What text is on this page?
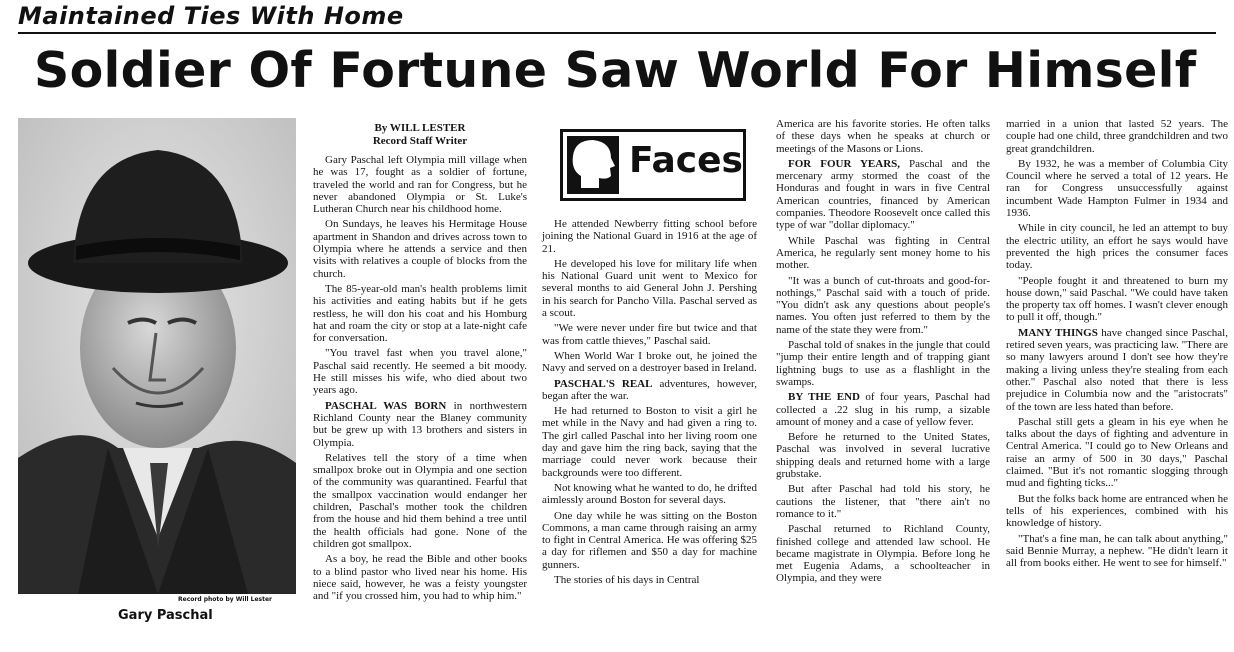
Maintained Ties With Home
Soldier Of Fortune Saw World For Himself
Record photo by Will Lester
Gary Paschal
Faces
By WILL LESTER
Record Staff Writer

Gary Paschal left Olympia mill village when he was 17, fought as a soldier of fortune, traveled the world and ran for Congress, but he never abandoned Olympia or St. Luke's Lutheran Church near his childhood home.

On Sundays, he leaves his Hermitage House apartment in Shandon and drives across town to Olympia where he attends a service and then visits with relatives a couple of blocks from the church.

The 85-year-old man's health problems limit his activities and eating habits but if he gets restless, he will don his coat and his Homburg hat and roam the city or stop at a late-night cafe for conversation.

"You travel fast when you travel alone," Paschal said recently. He seemed a bit moody. He still misses his wife, who died about two years ago.

PASCHAL WAS BORN in northwestern Richland County near the Blaney community but be grew up with 13 brothers and sisters in Olympia.

Relatives tell the story of a time when smallpox broke out in Olympia and one section of the community was quarantined. Fearful that the smallpox vaccination would endanger her children, Paschal's mother took the children from the house and hid them behind a tree until the health officials had gone. None of the children got smallpox.

As a boy, he read the Bible and other books to a blind pastor who lived near his home. His niece said, however, he was a feisty youngster and "if you crossed him, you had to whip him."

He attended Newberry fitting school before joining the National Guard in 1916 at the age of 21.

He developed his love for military life when his National Guard unit went to Mexico for several months to aid General John J. Pershing in his search for Pancho Villa. Paschal served as a scout.

"We were never under fire but twice and that was from cattle thieves," Paschal said.

When World War I broke out, he joined the Navy and served on a destroyer based in Ireland.

PASCHAL'S REAL adventures, however, began after the war.

He had returned to Boston to visit a girl he met while in the Navy and had given a ring to. The girl called Paschal into her living room one day and gave him the ring back, saying that the marriage could never work because their backgrounds were too different.

Not knowing what he wanted to do, he drifted aimlessly around Boston for several days.

One day while he was sitting on the Boston Commons, a man came through raising an army to fight in Central America. He was offering $25 a day for riflemen and $50 a day for machine gunners.

The stories of his days in Central

America are his favorite stories. He often talks of these days when he speaks at church or meetings of the Masons or Lions.

FOR FOUR YEARS, Paschal and the mercenary army stormed the coast of the Honduras and fought in wars in five Central American countries, financed by American companies. Theodore Roosevelt once called this type of war "dollar diplomacy."

While Paschal was fighting in Central America, he regularly sent money home to his mother.

"It was a bunch of cut-throats and good-for-nothings," Paschal said with a touch of pride. "You didn't ask any questions about people's names. You often just referred to them by the name of the state they were from."

Paschal told of snakes in the jungle that could "jump their entire length and of trapping giant lightning bugs to use as a flashlight in the swamps.

BY THE END of four years, Paschal had collected a .22 slug in his rump, a sizable amount of money and a case of yellow fever.

Before he returned to the United States, Paschal was involved in several lucrative shipping deals and returned home with a large grubstake.

But after Paschal had told his story, he cautions the listener, that "there ain't no romance to it."

Paschal returned to Richland County, finished college and attended law school. He became magistrate in Olympia. Before long he met Eugenia Adams, a schoolteacher in Olympia, and they were

married in a union that lasted 52 years. The couple had one child, three grandchildren and two great grandchildren.

By 1932, he was a member of Columbia City Council where he served a total of 12 years. He ran for Congress unsuccessfully against incumbent Wade Hampton Fulmer in 1934 and 1936.

While in city council, he led an attempt to buy the electric utility, an effort he says would have prevented the high prices the consumer faces today.

"People fought it and threatened to burn my house down," said Paschal. "We could have taken the property tax off homes. I wasn't clever enough to pull it off, though."

MANY THINGS have changed since Paschal, retired seven years, was practicing law. "There are so many lawyers around I don't see how they're making a living unless they're stealing from each other." Paschal also noted that there is less prejudice in Columbia now and the "aristocrats" of the town are less hated than before.

Paschal still gets a gleam in his eye when he talks about the days of fighting and adventure in Central America. "I could go to New Orleans and raise an army of 500 in 30 days," Paschal claimed. "But it's not romantic slogging through mud and fighting ticks..."

But the folks back home are entranced when he tells of his experiences, combined with his knowledge of history.

"That's a fine man, he can talk about anything," said Bennie Murray, a nephew. "He didn't learn it all from books either. He went to see for himself."
